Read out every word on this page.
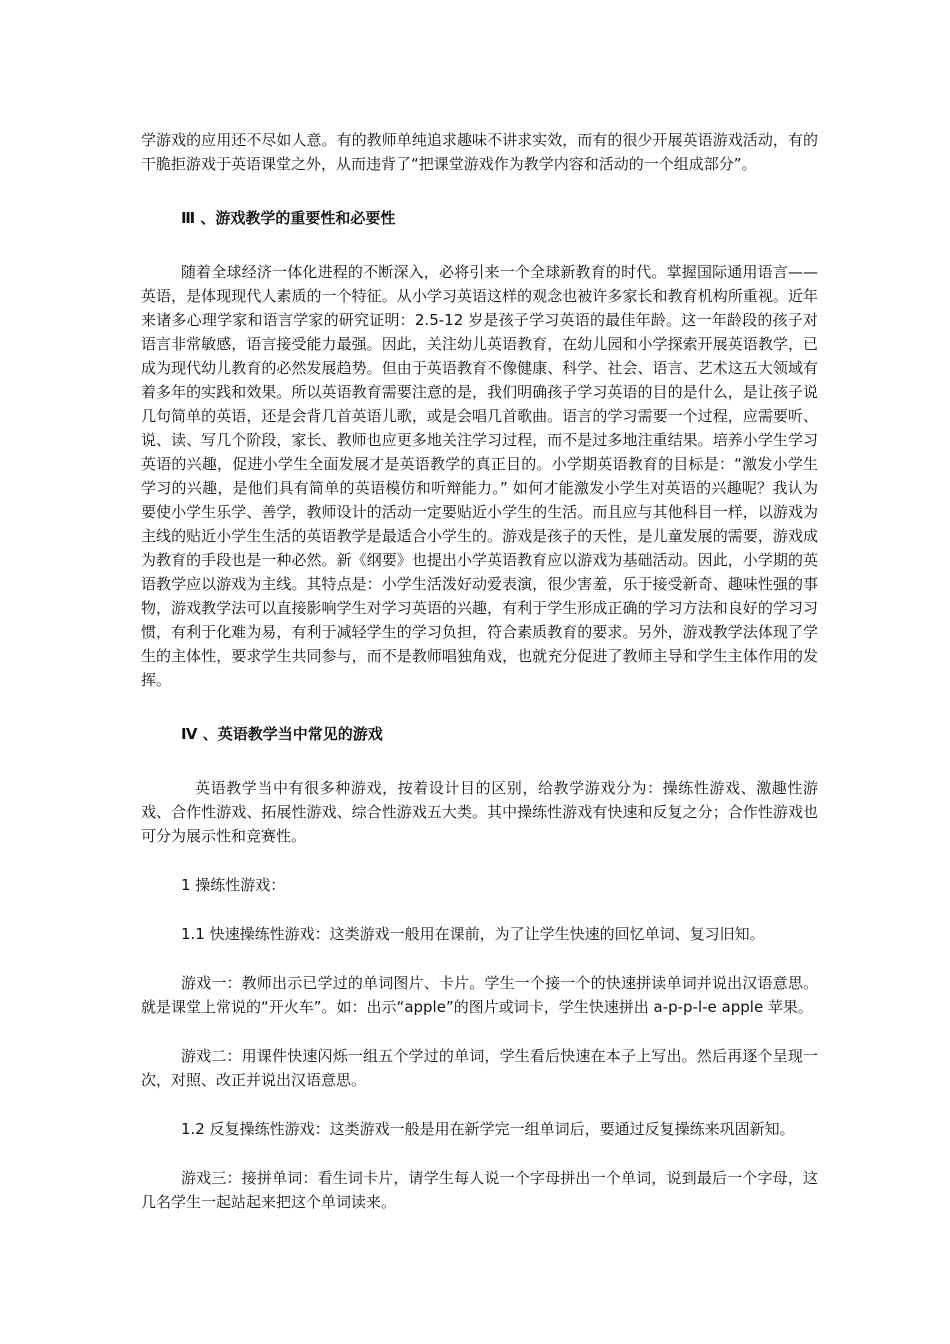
学游戏的应用还不尽如人意。有的教师单纯追求趣味不讲求实效，而有的很少开展英语游戏活动，有的干脆拒游戏于英语课堂之外，从而违背了“把课堂游戏作为教学内容和活动的一个组成部分”。

Ⅲ 、游戏教学的重要性和必要性

随着全球经济一体化进程的不断深入，必将引来一个全球新教育的时代。掌握国际通用语言——英语，是体现现代人素质的一个特征。从小学习英语这样的观念也被许多家长和教育机构所重视。近年来诸多心理学家和语言学家的研究证明：2.5-12 岁是孩子学习英语的最佳年龄。这一年龄段的孩子对语言非常敏感，语言接受能力最强。因此，关注幼儿英语教育，在幼儿园和小学探索开展英语教学，已成为现代幼儿教育的必然发展趋势。但由于英语教育不像健康、科学、社会、语言、艺术这五大领域有着多年的实践和效果。所以英语教育需要注意的是，我们明确孩子学习英语的目的是什么，是让孩子说几句简单的英语，还是会背几首英语儿歌，或是会唱几首歌曲。语言的学习需要一个过程，应需要听、说、读、写几个阶段，家长、教师也应更多地关注学习过程，而不是过多地注重结果。培养小学生学习英语的兴趣，促进小学生全面发展才是英语教学的真正目的。小学期英语教育的目标是：“激发小学生学习的兴趣，是他们具有简单的英语模仿和听辩能力。” 如何才能激发小学生对英语的兴趣呢？我认为要使小学生乐学、善学，教师设计的活动一定要贴近小学生的生活。而且应与其他科目一样，以游戏为主线的贴近小学生生活的英语教学是最适合小学生的。游戏是孩子的天性，是儿童发展的需要，游戏成为教育的手段也是一种必然。新《纲要》也提出小学英语教育应以游戏为基础活动。因此，小学期的英语教学应以游戏为主线。其特点是：小学生活泼好动爱表演，很少害羞，乐于接受新奇、趣味性强的事物，游戏教学法可以直接影响学生对学习英语的兴趣，有利于学生形成正确的学习方法和良好的学习习惯，有利于化难为易，有利于减轻学生的学习负担，符合素质教育的要求。另外，游戏教学法体现了学生的主体性，要求学生共同参与，而不是教师唱独角戏，也就充分促进了教师主导和学生主体作用的发挥。

Ⅳ 、英语教学当中常见的游戏

英语教学当中有很多种游戏，按着设计目的区别，给教学游戏分为：操练性游戏、激趣性游戏、合作性游戏、拓展性游戏、综合性游戏五大类。其中操练性游戏有快速和反复之分；合作性游戏也可分为展示性和竞赛性。

1 操练性游戏：

1.1 快速操练性游戏：这类游戏一般用在课前，为了让学生快速的回忆单词、复习旧知。

游戏一：教师出示已学过的单词图片、卡片。学生一个接一个的快速拼读单词并说出汉语意思。就是课堂上常说的“开火车”。如：出示“apple”的图片或词卡，学生快速拼出 a-p-p-l-e apple 苹果。

游戏二：用课件快速闪烁一组五个学过的单词，学生看后快速在本子上写出。然后再逐个呈现一次，对照、改正并说出汉语意思。

1.2 反复操练性游戏：这类游戏一般是用在新学完一组单词后，要通过反复操练来巩固新知。

游戏三：接拼单词：看生词卡片，请学生每人说一个字母拼出一个单词，说到最后一个字母，这几名学生一起站起来把这个单词读来。
